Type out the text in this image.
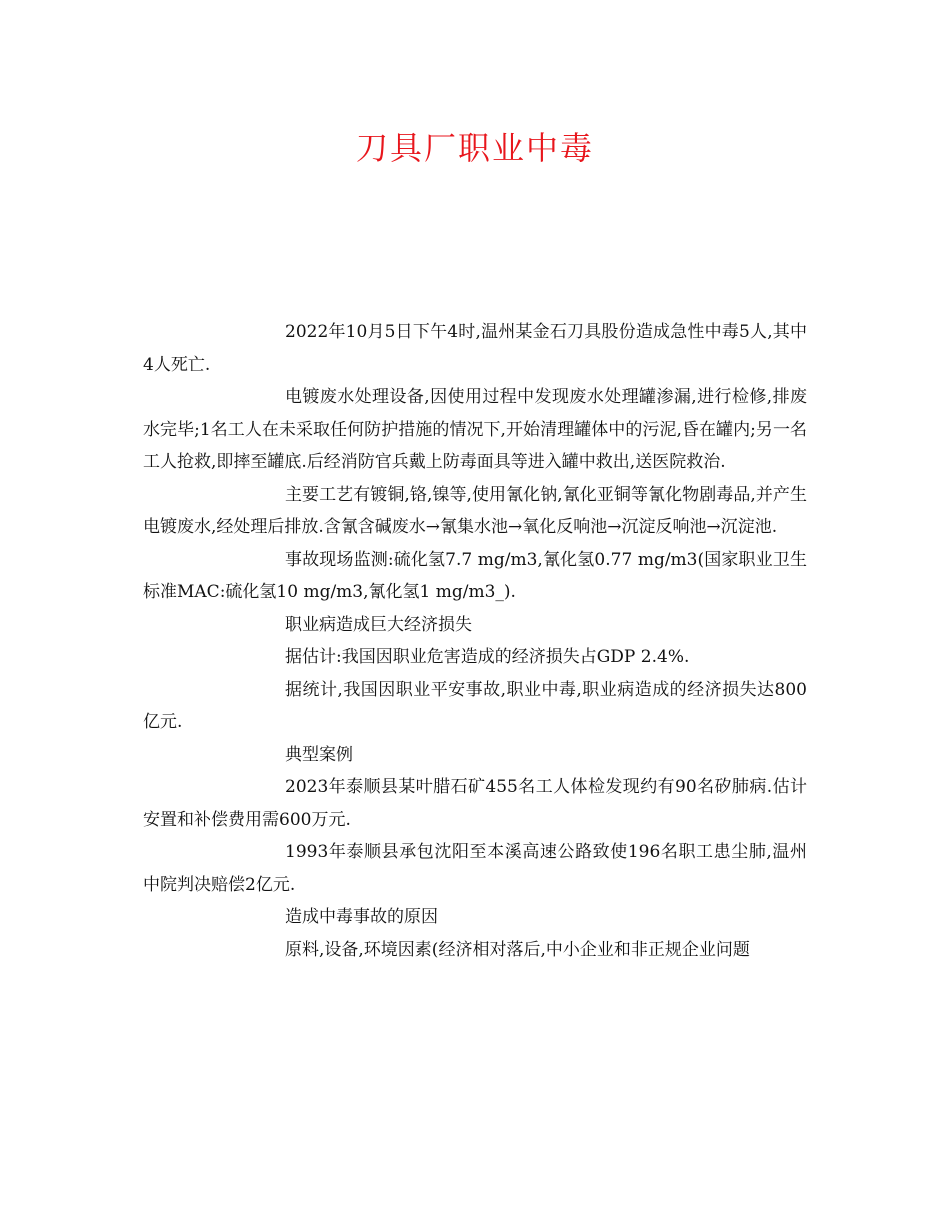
刀具厂职业中毒

2022年10月5日下午4时,温州某金石刀具股份造成急性中毒5人,其中4人死亡.

电镀废水处理设备,因使用过程中发现废水处理罐渗漏,进行检修,排废水完毕;1名工人在未采取任何防护措施的情况下,开始清理罐体中的污泥,昏在罐内;另一名工人抢救,即摔至罐底.后经消防官兵戴上防毒面具等进入罐中救出,送医院救治.

主要工艺有镀铜,铬,镍等,使用氰化钠,氰化亚铜等氰化物剧毒品,并产生电镀废水,经处理后排放.含氰含碱废水→氰集水池→氧化反响池→沉淀反响池→沉淀池.

事故现场监测:硫化氢7.7 mg/m3,氰化氢0.77 mg/m3(国家职业卫生标准MAC:硫化氢10 mg/m3,氰化氢1 mg/m3_).

职业病造成巨大经济损失

据估计:我国因职业危害造成的经济损失占GDP 2.4%.

据统计,我国因职业平安事故,职业中毒,职业病造成的经济损失达800亿元.

典型案例

2023年泰顺县某叶腊石矿455名工人体检发现约有90名矽肺病.估计安置和补偿费用需600万元.

1993年泰顺县承包沈阳至本溪高速公路致使196名职工患尘肺,温州中院判决赔偿2亿元.

造成中毒事故的原因

原料,设备,环境因素(经济相对落后,中小企业和非正规企业问题
